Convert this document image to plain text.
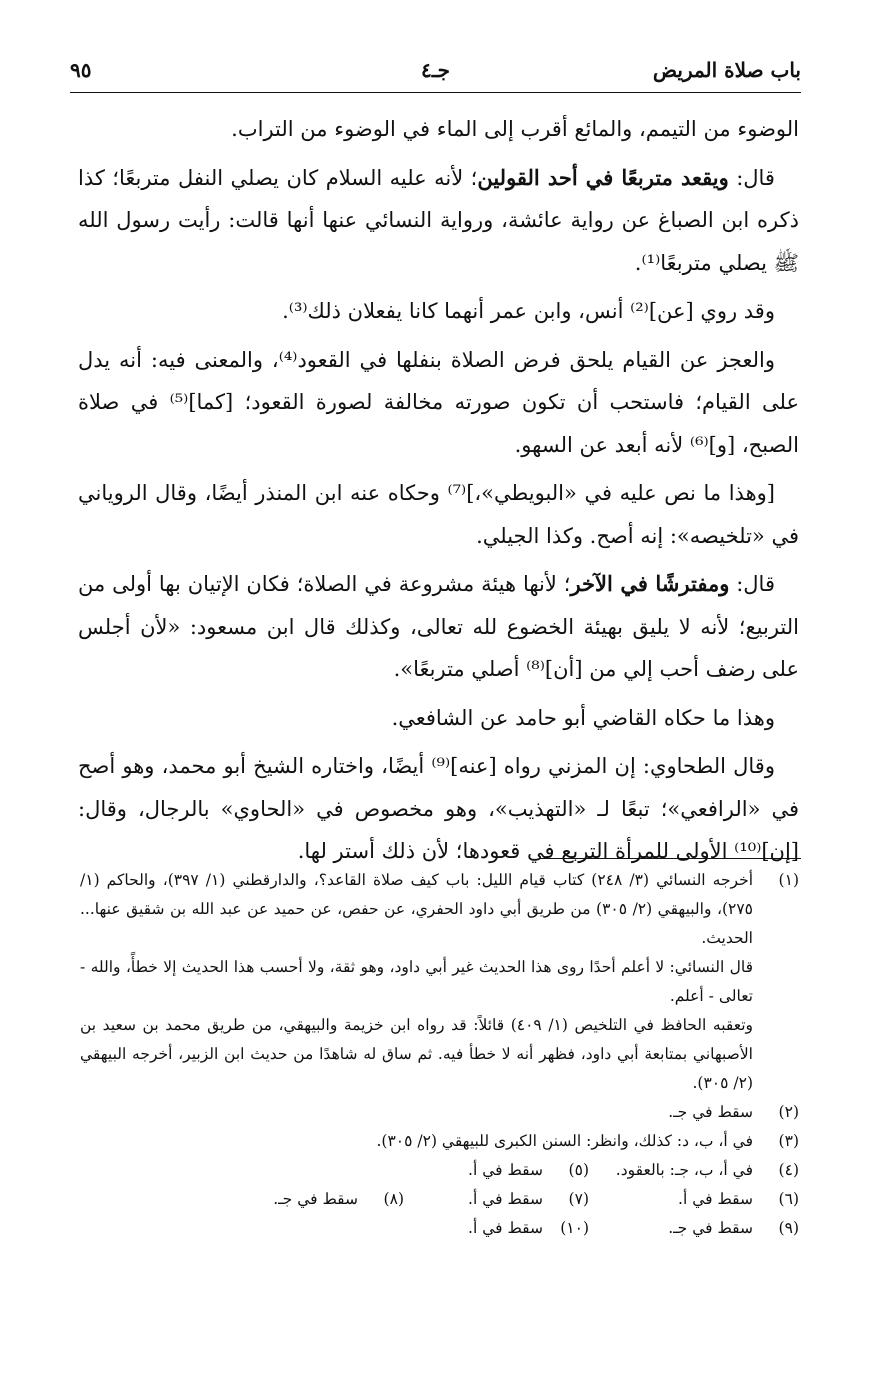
باب صلاة المريض
جـ٤
٩٥

الوضوء من التيمم، والمائع أقرب إلى الماء في الوضوء من التراب.

قال: ويقعد متربعًا في أحد القولين؛ لأنه عليه السلام كان يصلي النفل متربعًا؛ كذا ذكره ابن الصباغ عن رواية عائشة، ورواية النسائي عنها أنها قالت: رأيت رسول الله ﷺ يصلي متربعًا⁽¹⁾.

وقد روي [عن]⁽²⁾ أنس، وابن عمر أنهما كانا يفعلان ذلك⁽³⁾.

والعجز عن القيام يلحق فرض الصلاة بنفلها في القعود⁽⁴⁾، والمعنى فيه: أنه يدل على القيام؛ فاستحب أن تكون صورته مخالفة لصورة القعود؛ [كما]⁽⁵⁾ في صلاة الصبح، [و]⁽⁶⁾ لأنه أبعد عن السهو.

[وهذا ما نص عليه في «البويطي»،]⁽⁷⁾ وحكاه عنه ابن المنذر أيضًا، وقال الروياني في «تلخيصه»: إنه أصح. وكذا الجيلي.

قال: ومفترشًا في الآخر؛ لأنها هيئة مشروعة في الصلاة؛ فكان الإتيان بها أولى من التربيع؛ لأنه لا يليق بهيئة الخضوع لله تعالى، وكذلك قال ابن مسعود: «لأن أجلس على رضف أحب إلي من [أن]⁽⁸⁾ أصلي متربعًا».

وهذا ما حكاه القاضي أبو حامد عن الشافعي.

وقال الطحاوي: إن المزني رواه [عنه]⁽⁹⁾ أيضًا، واختاره الشيخ أبو محمد، وهو أصح في «الرافعي»؛ تبعًا لـ «التهذيب»، وهو مخصوص في «الحاوي» بالرجال، وقال: [إن]⁽¹⁰⁾ الأولى للمرأة التربع في قعودها؛ لأن ذلك أستر لها.

(١)
أخرجه النسائي (٣/ ٢٤٨) كتاب قيام الليل: باب كيف صلاة القاعد؟، والدارقطني (١/ ٣٩٧)، والحاكم (١/ ٢٧٥)، والبيهقي (٢/ ٣٠٥) من طريق أبي داود الحفري، عن حفص، عن حميد عن عبد الله بن شقيق عنها... الحديث.
قال النسائي: لا أعلم أحدًا روى هذا الحديث غير أبي داود، وهو ثقة، ولا أحسب هذا الحديث إلا خطأً، والله - تعالى - أعلم.
وتعقبه الحافظ في التلخيص (١/ ٤٠٩) قائلاً: قد رواه ابن خزيمة والبيهقي، من طريق محمد بن سعيد بن الأصبهاني بمتابعة أبي داود، فظهر أنه لا خطأ فيه. ثم ساق له شاهدًا من حديث ابن الزبير، أخرجه البيهقي (٢/ ٣٠٥).
(٢)
سقط في جـ.
(٣)
في أ، ب، د: كذلك، وانظر: السنن الكبرى للبيهقي (٢/ ٣٠٥).
(٤)
في أ، ب، جـ: بالعقود.
(٥)
سقط في أ.
(٦)
سقط في أ.
(٧)
سقط في أ.
(٨)
سقط في جـ.
(٩)
سقط في جـ.
(١٠)
سقط في أ.
